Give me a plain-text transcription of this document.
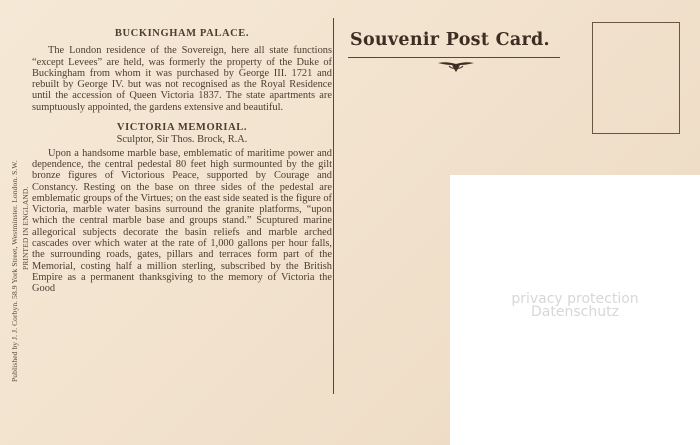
Published by J. J. Corbyn. 58.9 York Street, Westminster. London. S.W. PRINTED IN ENGLAND.
BUCKINGHAM PALACE.

The London residence of the Sovereign, here all state functions “except Levees” are held, was formerly the property of the Duke of Buckingham from whom it was purchased by George III. 1721 and rebuilt by George IV. but was not recognised as the Royal Residence until the accession of Queen Victoria 1837. The state apartments are sumptuously appointed, the gardens extensive and beautiful.

VICTORIA MEMORIAL.
Sculptor, Sir Thos. Brock, R.A.

Upon a handsome marble base, emblematic of maritime power and dependence, the central pedestal 80 feet high surmounted by the gilt bronze figures of Victorious Peace, supported by Courage and Constancy. Resting on the base on three sides of the pedestal are emblematic groups of the Virtues; on the east side seated is the figure of Victoria, marble water basins surround the granite platforms, “upon which the central marble base and groups stand.” Scuptured marine allegorical subjects decorate the basin reliefs and marble arched cascades over which water at the rate of 1,000 gallons per hour falls, the surrounding roads, gates, pillars and terraces form part of the Memorial, costing half a million sterling, subscribed by the British Empire as a permanent thanksgiving to the memory of Victoria the Good

Souvenir Post Card.
privacy protection
Datenschutz
